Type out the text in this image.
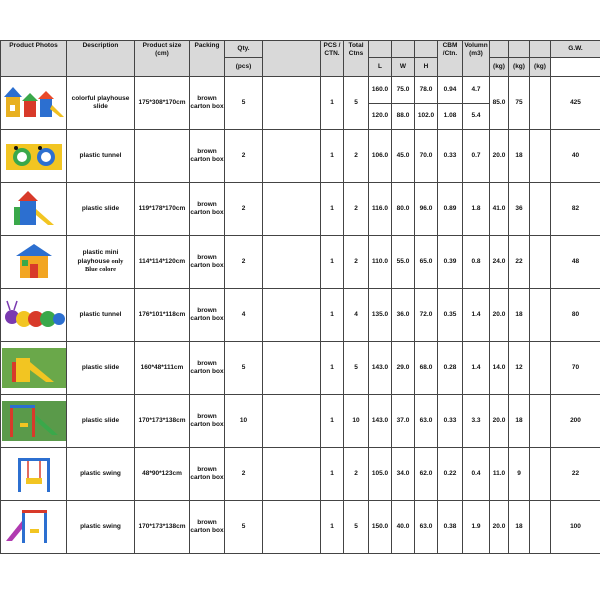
Product Photos	Description	Product size (cm)	Packing	Qty.		PCS / CTN.	Total Ctns				CBM /Ctn.	Volumn (m3)				G.W.
				(pcs)				L	W	H			(kg)	(kg)	(kg)	

	colorful playhouse slide	175*308*170cm	brown carton box	5		1	5	160.0	75.0	78.0	0.94	4.7	85.0	75		425
								120.0	88.0	102.0	1.08	5.4				

	plastic tunnel		brown carton box	2		1	2	106.0	45.0	70.0	0.33	0.7	20.0	18		40

	plastic slide	119*178*170cm	brown carton box	2		1	2	116.0	80.0	96.0	0.89	1.8	41.0	36		82

	plastic mini playhouse only Blue colore	114*114*120cm	brown carton box	2		1	2	110.0	55.0	65.0	0.39	0.8	24.0	22		48

	plastic tunnel	176*101*118cm	brown carton box	4		1	4	135.0	36.0	72.0	0.35	1.4	20.0	18		80

	plastic slide	160*48*111cm	brown carton box	5		1	5	143.0	29.0	68.0	0.28	1.4	14.0	12		70

	plastic slide	170*173*138cm	brown carton box	10		1	10	143.0	37.0	63.0	0.33	3.3	20.0	18		200

	plastic swing	48*90*123cm	brown carton box	2		1	2	105.0	34.0	62.0	0.22	0.4	11.0	9		22

	plastic swing	170*173*138cm	brown carton box	5		1	5	150.0	40.0	63.0	0.38	1.9	20.0	18		100
